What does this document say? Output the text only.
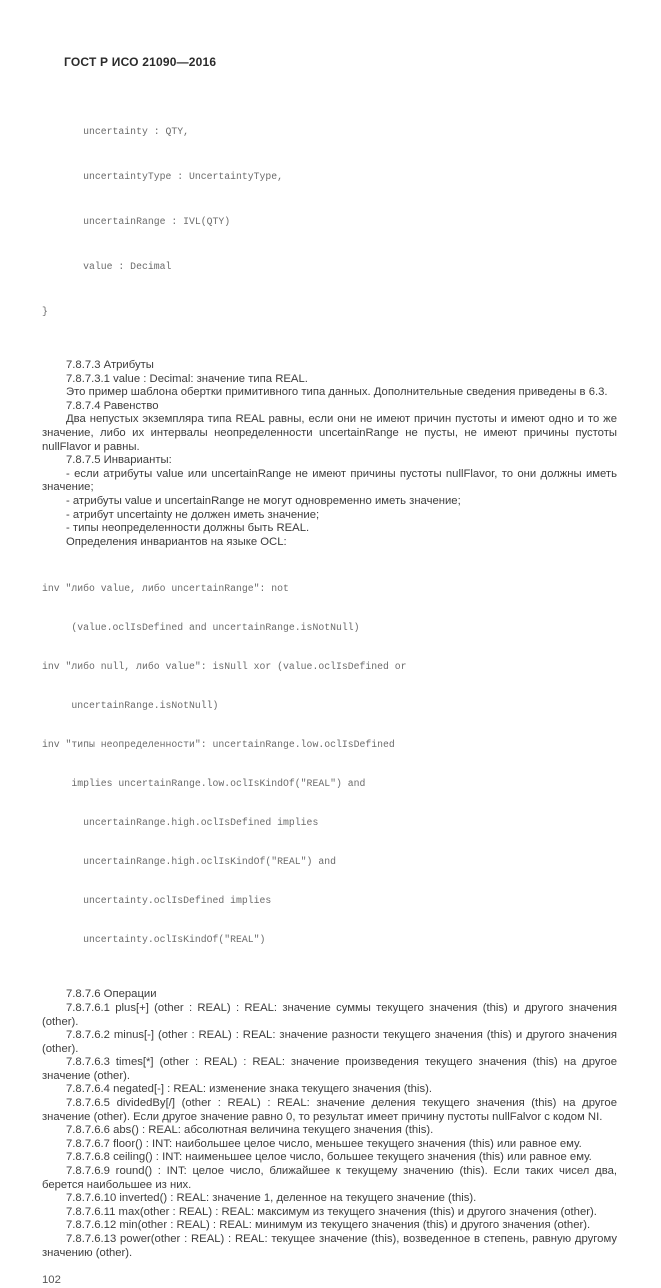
ГОСТ Р ИСО 21090—2016

uncertainty : QTY,

uncertaintyType : UncertaintyType,

uncertainRange : IVL(QTY)

value : Decimal

}

7.8.7.3 Атрибуты

7.8.7.3.1 value : Decimal: значение типа REAL.

Это пример шаблона обертки примитивного типа данных. Дополнительные сведения приведены в 6.3.

7.8.7.4 Равенство

Два непустых экземпляра типа REAL равны, если они не имеют причин пустоты и имеют одно и то же значение, либо их интервалы неопределенности uncertainRange не пусты, не имеют причины пустоты nullFlavor и равны.

7.8.7.5 Инварианты:

- если атрибуты value или uncertainRange не имеют причины пустоты nullFlavor, то они должны иметь значение;

- атрибуты value и uncertainRange не могут одновременно иметь значение;

- атрибут uncertainty не должен иметь значение;

- типы неопределенности должны быть REAL.

Определения инвариантов на языке OCL:

inv "либо value, либо uncertainRange": not

(value.oclIsDefined and uncertainRange.isNotNull)

inv "либо null, либо value": isNull xor (value.oclIsDefined or

uncertainRange.isNotNull)

inv "типы неопределенности": uncertainRange.low.oclIsDefined

implies uncertainRange.low.oclIsKindOf("REAL") and

uncertainRange.high.oclIsDefined implies

uncertainRange.high.oclIsKindOf("REAL") and

uncertainty.oclIsDefined implies

uncertainty.oclIsKindOf("REAL")

7.8.7.6 Операции

7.8.7.6.1 plus[+] (other : REAL) : REAL: значение суммы текущего значения (this) и другого значения (other).

7.8.7.6.2 minus[-] (other : REAL) : REAL: значение разности текущего значения (this) и другого значения (other).

7.8.7.6.3 times[*] (other : REAL) : REAL: значение произведения текущего значения (this) на другое значение (other).

7.8.7.6.4 negated[-] : REAL: изменение знака текущего значения (this).

7.8.7.6.5 dividedBy[/] (other : REAL) : REAL: значение деления текущего значения (this) на другое значение (other). Если другое значение равно 0, то результат имеет причину пустоты nullFalvor с кодом NI.

7.8.7.6.6 abs() : REAL: абсолютная величина текущего значения (this).

7.8.7.6.7 floor() : INT: наибольшее целое число, меньшее текущего значения (this) или равное ему.

7.8.7.6.8 ceiling() : INT: наименьшее целое число, большее текущего значения (this) или равное ему.

7.8.7.6.9 round() : INT: целое число, ближайшее к текущему значению (this). Если таких чисел два, берется наибольшее из них.

7.8.7.6.10 inverted() : REAL: значение 1, деленное на текущего значение (this).

7.8.7.6.11 max(other : REAL) : REAL: максимум из текущего значения (this) и другого значения (other).

7.8.7.6.12 min(other : REAL) : REAL: минимум из текущего значения (this) и другого значения (other).

7.8.7.6.13 power(other : REAL) : REAL: текущее значение (this), возведенное в степень, равную другому значению (other).

102
